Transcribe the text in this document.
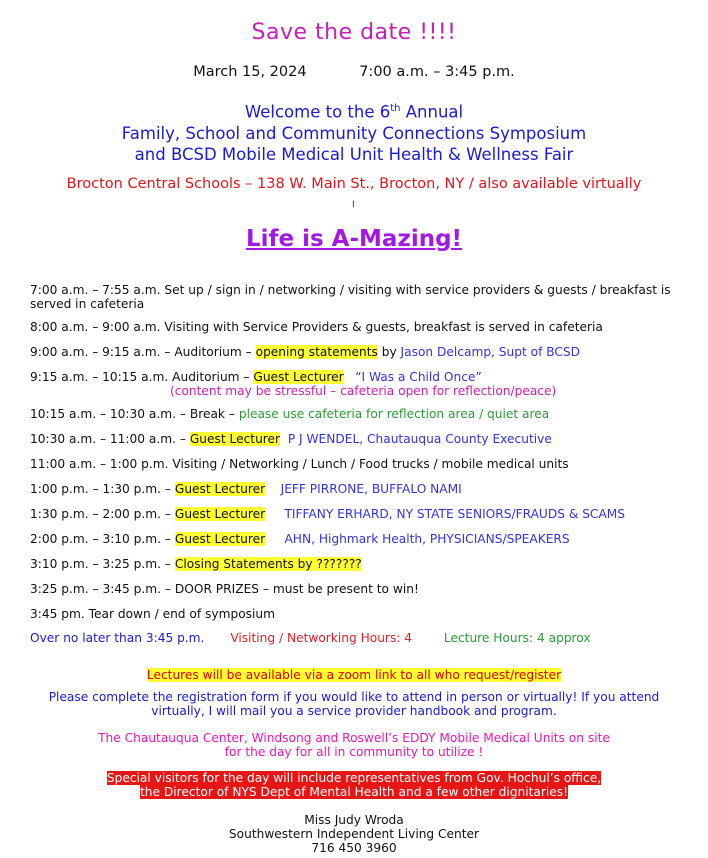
Save the date !!!!
March 15, 2024	7:00 a.m. – 3:45 p.m.
Welcome to the 6th Annual
Family, School and Community Connections Symposium
and BCSD Mobile Medical Unit Health & Wellness Fair
Brocton Central Schools – 138 W. Main St., Brocton, NY / also available virtually
I
Life is A-Mazing!
7:00 a.m. – 7:55 a.m. Set up / sign in / networking / visiting with service providers & guests / breakfast is served in cafeteria
8:00 a.m. – 9:00 a.m. Visiting with Service Providers & guests, breakfast is served in cafeteria
9:00 a.m. – 9:15 a.m. – Auditorium – opening statements by Jason Delcamp, Supt of BCSD
9:15 a.m. – 10:15 a.m. Auditorium – Guest Lecturer “I Was a Child Once”
(content may be stressful – cafeteria open for reflection/peace)
10:15 a.m. – 10:30 a.m. – Break – please use cafeteria for reflection area / quiet area
10:30 a.m. – 11:00 a.m. – Guest Lecturer P J WENDEL, Chautauqua County Executive
11:00 a.m. – 1:00 p.m. Visiting / Networking / Lunch / Food trucks / mobile medical units
1:00 p.m. – 1:30 p.m. – Guest Lecturer JEFF PIRRONE, BUFFALO NAMI
1:30 p.m. – 2:00 p.m. – Guest Lecturer TIFFANY ERHARD, NY STATE SENIORS/FRAUDS & SCAMS
2:00 p.m. – 3:10 p.m. – Guest Lecturer AHN, Highmark Health, PHYSICIANS/SPEAKERS
3:10 p.m. – 3:25 p.m. – Closing Statements by ???????
3:25 p.m. – 3:45 p.m. – DOOR PRIZES – must be present to win!
3:45 pm. Tear down / end of symposium
Over no later than 3:45 p.m. Visiting / Networking Hours: 4	Lecture Hours: 4 approx
Lectures will be available via a zoom link to all who request/register
Please complete the registration form if you would like to attend in person or virtually! If you attend virtually, I will mail you a service provider handbook and program.
The Chautauqua Center, Windsong and Roswell’s EDDY Mobile Medical Units on site
for the day for all in community to utilize !
Special visitors for the day will include representatives from Gov. Hochul’s office,
the Director of NYS Dept of Mental Health and a few other dignitaries!
Miss Judy Wroda
Southwestern Independent Living Center
716 450 3960
